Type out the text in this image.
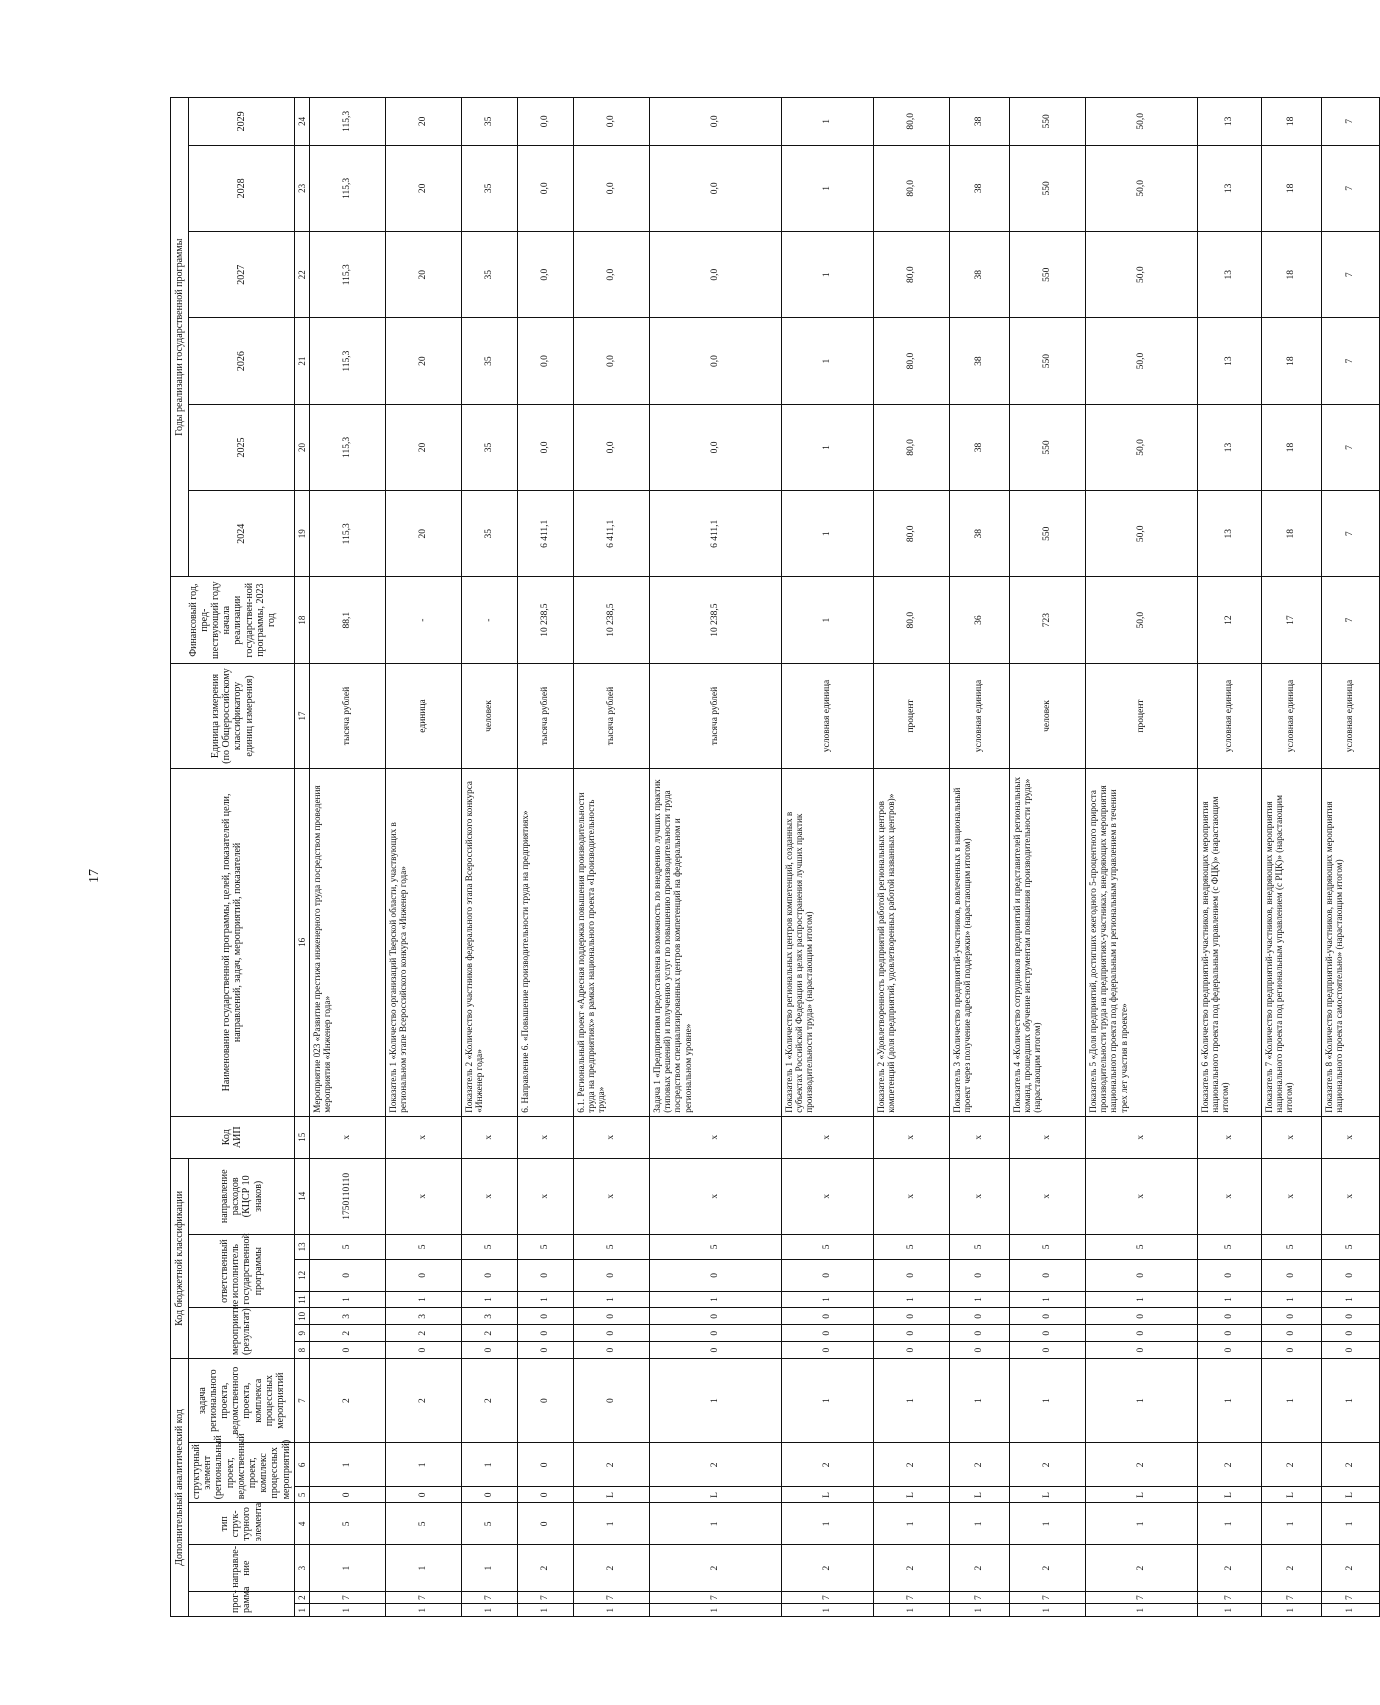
17
Дополнительный аналитический код							Код бюджетной классификации							Код АИП	Наименование государственной программы, целей, показателей цели, направлений, задач, мероприятий, показателей	Единица измерения (по Общероссийскому классификатору единиц измерения)	Финансовый год, пред-шествующий году начала реализации государствен-ной программы, 2023 год	Годы реализации государственной программы					
прог-рамма		направле-ние	тип струк-турного элемента	структурный элемент (региональный проект, ведомственный проект, комплекс процессных мероприятий)		задача регионального проекта, ведомственного проекта, комплекса процессных мероприятий	мероприятие (результат)			ответственный исполнитель государственной программы			направление расходов (КЦСР 10 знаков)					2024	2025	2026	2027	2028	2029

1	2	3	4	5	6	7	8	9	10	11	12	13	14	15	16	17	18	19	20	21	22	23	24
1	7	1	5	0	1	2	0	2	3	1	0	5	1750110110	х	Мероприятие 023 «Развитие престижа инженерного труда посредством проведения мероприятия «Инженер года»	тысяча рублей	88,1	115,3	115,3	115,3	115,3	115,3	115,3
1	7	1	5	0	1	2	0	2	3	1	0	5	х	х	Показатель 1 «Количество организаций Тверской области, участвующих в региональном этапе Всероссийского конкурса «Инженер года»	единица	-	20	20	20	20	20	20
1	7	1	5	0	1	2	0	2	3	1	0	5	х	х	Показатель 2 «Количество участников федерального этапа Всероссийского конкурса «Инженер года»	человек	-	35	35	35	35	35	35
1	7	2	0	0	0	0	0	0	0	1	0	5	х	х	6. Направление 6. «Повышение производительности труда на предприятиях»	тысяча рублей	10 238,5	6 411,1	0,0	0,0	0,0	0,0	0,0
1	7	2	1	L	2	0	0	0	0	1	0	5	х	х	6.1. Региональный проект «Адресная поддержка повышения производительности труда на предприятиях» в рамках национального проекта «Производительность труда»	тысяча рублей	10 238,5	6 411,1	0,0	0,0	0,0	0,0	0,0
1	7	2	1	L	2	1	0	0	0	1	0	5	х	х	Задача 1 «Предприятиям предоставлена возможность по внедрению лучших практик (типовых решений) и получению услуг по повышению производительности труда посредством специализированных центров компетенций на федеральном и региональном уровне»	тысяча рублей	10 238,5	6 411,1	0,0	0,0	0,0	0,0	0,0
1	7	2	1	L	2	1	0	0	0	1	0	5	х	х	Показатель 1 «Количество региональных центров компетенций, созданных в субъектах Российской Федерации в целях распространения лучших практик производительности труда» (нарастающим итогом)	условная единица	1	1	1	1	1	1	1
1	7	2	1	L	2	1	0	0	0	1	0	5	х	х	Показатель 2 «Удовлетворенность предприятий работой региональных центров компетенций (доля предприятий, удовлетворенных работой названных центров)»	процент	80,0	80,0	80,0	80,0	80,0	80,0	80,0
1	7	2	1	L	2	1	0	0	0	1	0	5	х	х	Показатель 3 «Количество предприятий-участников, вовлеченных в национальный проект через получение адресной поддержки» (нарастающим итогом)	условная единица	36	38	38	38	38	38	38
1	7	2	1	L	2	1	0	0	0	1	0	5	х	х	Показатель 4 «Количество сотрудников предприятий и представителей региональных команд, прошедших обучение инструментам повышения производительности труда» (нарастающим итогом)	человек	723	550	550	550	550	550	550
1	7	2	1	L	2	1	0	0	0	1	0	5	х	х	Показатель 5 «Доля предприятий, достигших ежегодного 5-процентного прироста производительности труда на предприятиях-участниках, внедряющих мероприятия национального проекта под федеральным и региональным управлением в течении трех лет участия в проекте»	процент	50,0	50,0	50,0	50,0	50,0	50,0	50,0
1	7	2	1	L	2	1	0	0	0	1	0	5	х	х	Показатель 6 «Количество предприятий-участников, внедряющих мероприятия национального проекта под федеральным управлением (с ФЦК)» (нарастающим итогом)	условная единица	12	13	13	13	13	13	13
1	7	2	1	L	2	1	0	0	0	1	0	5	х	х	Показатель 7 «Количество предприятий-участников, внедряющих мероприятия национального проекта под региональным управлением (с РЦК)» (нарастающим итогом)	условная единица	17	18	18	18	18	18	18
1	7	2	1	L	2	1	0	0	0	1	0	5	х	х	Показатель 8 «Количество предприятий-участников, внедряющих мероприятия национального проекта самостоятельно» (нарастающим итогом)	условная единица	7	7	7	7	7	7	7
